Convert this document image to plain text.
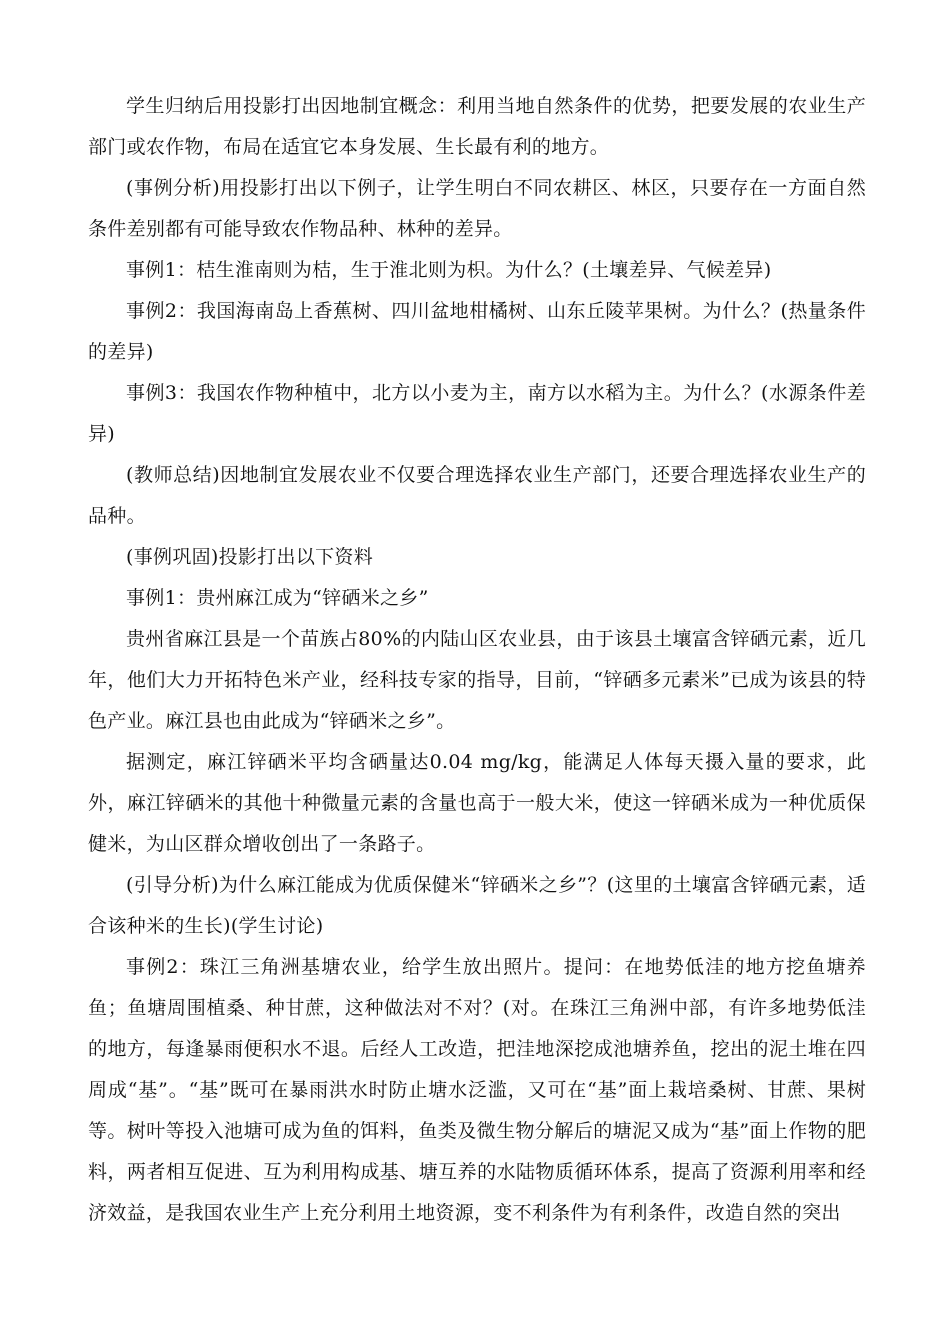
学生归纳后用投影打出因地制宜概念：利用当地自然条件的优势，把要发展的农业生产部门或农作物，布局在适宜它本身发展、生长最有利的地方。

(事例分析)用投影打出以下例子，让学生明白不同农耕区、林区，只要存在一方面自然条件差别都有可能导致农作物品种、林种的差异。

事例1：桔生淮南则为桔，生于淮北则为枳。为什么？(土壤差异、气候差异)

事例2：我国海南岛上香蕉树、四川盆地柑橘树、山东丘陵苹果树。为什么？(热量条件的差异)

事例3：我国农作物种植中，北方以小麦为主，南方以水稻为主。为什么？(水源条件差异)

(教师总结)因地制宜发展农业不仅要合理选择农业生产部门，还要合理选择农业生产的品种。

(事例巩固)投影打出以下资料

事例1：贵州麻江成为“锌硒米之乡”

贵州省麻江县是一个苗族占80%的内陆山区农业县，由于该县土壤富含锌硒元素，近几年，他们大力开拓特色米产业，经科技专家的指导，目前，“锌硒多元素米”已成为该县的特色产业。麻江县也由此成为“锌硒米之乡”。

据测定，麻江锌硒米平均含硒量达0.04 mg/kg，能满足人体每天摄入量的要求，此外，麻江锌硒米的其他十种微量元素的含量也高于一般大米，使这一锌硒米成为一种优质保健米，为山区群众增收创出了一条路子。

(引导分析)为什么麻江能成为优质保健米“锌硒米之乡”？(这里的土壤富含锌硒元素，适合该种米的生长)(学生讨论)

事例2：珠江三角洲基塘农业，给学生放出照片。提问：在地势低洼的地方挖鱼塘养鱼；鱼塘周围植桑、种甘蔗，这种做法对不对？(对。在珠江三角洲中部，有许多地势低洼的地方，每逢暴雨便积水不退。后经人工改造，把洼地深挖成池塘养鱼，挖出的泥土堆在四周成“基”。“基”既可在暴雨洪水时防止塘水泛滥，又可在“基”面上栽培桑树、甘蔗、果树等。树叶等投入池塘可成为鱼的饵料，鱼类及微生物分解后的塘泥又成为“基”面上作物的肥料，两者相互促进、互为利用构成基、塘互养的水陆物质循环体系，提高了资源利用率和经济效益，是我国农业生产上充分利用土地资源，变不利条件为有利条件，改造自然的突出
